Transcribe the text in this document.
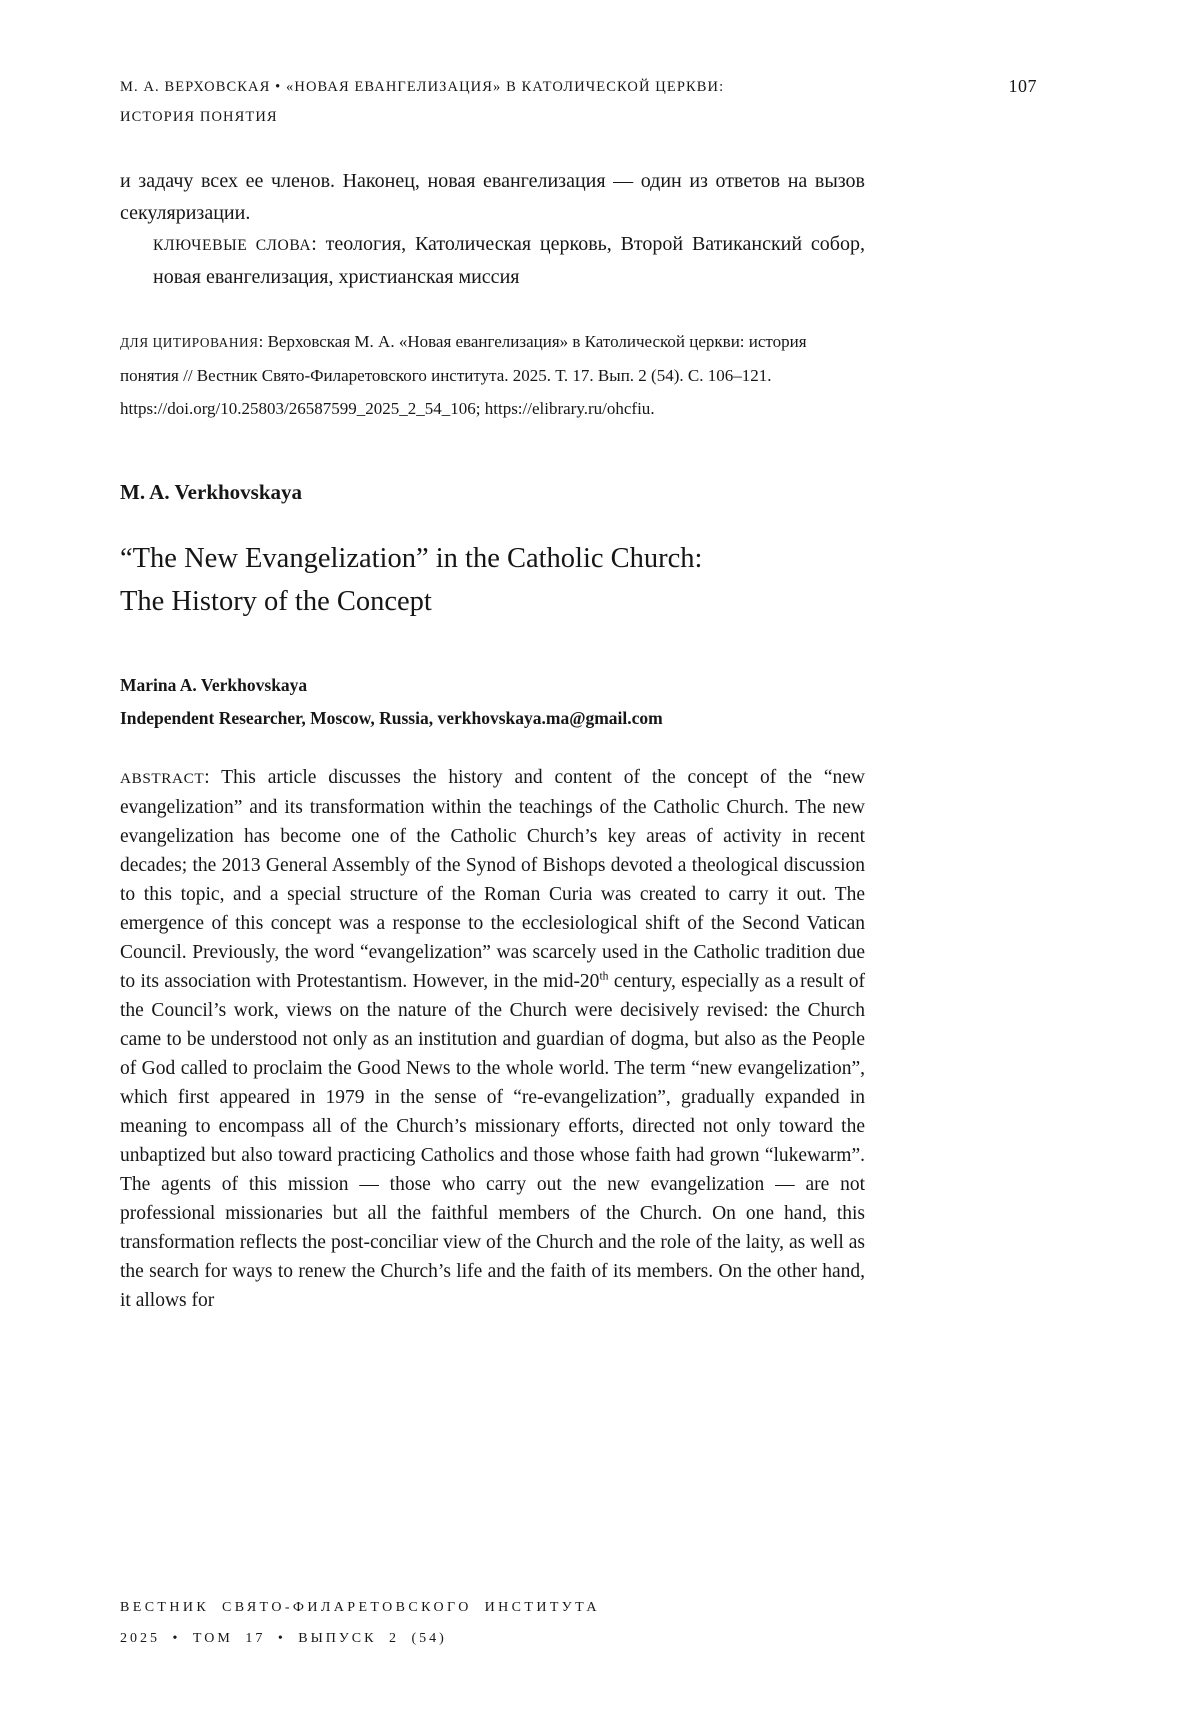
М. А. ВЕРХОВСКАЯ • «НОВАЯ ЕВАНГЕЛИЗАЦИЯ» В КАТОЛИЧЕСКОЙ ЦЕРКВИ:
ИСТОРИЯ ПОНЯТИЯ
107

и задачу всех ее членов. Наконец, новая евангелизация — один из ответов на вызов секуляризации.

КЛЮЧЕВЫЕ СЛОВА: теология, Католическая церковь, Второй Ватиканский собор, новая евангелизация, христианская миссия

ДЛЯ ЦИТИРОВАНИЯ: Верховская М. А. «Новая евангелизация» в Католической церкви: история понятия // Вестник Свято-Филаретовского института. 2025. Т. 17. Вып. 2 (54). С. 106–121. https://doi.org/10.25803/26587599_2025_2_54_106; https://elibrary.ru/ohcfiu.

M. A. Verkhovskaya
“The New Evangelization” in the Catholic Church:
The History of the Concept

Marina A. Verkhovskaya
Independent Researcher, Moscow, Russia, verkhovskaya.ma@gmail.com

ABSTRACT: This article discusses the history and content of the concept of the “new evangelization” and its transformation within the teachings of the Catholic Church. The new evangelization has become one of the Catholic Church’s key areas of activity in recent decades; the 2013 General Assembly of the Synod of Bishops devoted a theological discussion to this topic, and a special structure of the Roman Curia was created to carry it out. The emergence of this concept was a response to the ecclesiological shift of the Second Vatican Council. Previously, the word “evangelization” was scarcely used in the Catholic tradition due to its association with Protestantism. However, in the mid-20th century, especially as a result of the Council’s work, views on the nature of the Church were decisively revised: the Church came to be understood not only as an institution and guardian of dogma, but also as the People of God called to proclaim the Good News to the whole world. The term “new evangelization”, which first appeared in 1979 in the sense of “re-evangelization”, gradually expanded in meaning to encompass all of the Church’s missionary efforts, directed not only toward the unbaptized but also toward practicing Catholics and those whose faith had grown “lukewarm”. The agents of this mission — those who carry out the new evangelization — are not professional missionaries but all the faithful members of the Church. On one hand, this transformation reflects the post-conciliar view of the Church and the role of the laity, as well as the search for ways to renew the Church’s life and the faith of its members. On the other hand, it allows for

ВЕСТНИК СВЯТО-ФИЛАРЕТОВСКОГО ИНСТИТУТА
2025 • ТОМ 17 • ВЫПУСК 2 (54)
